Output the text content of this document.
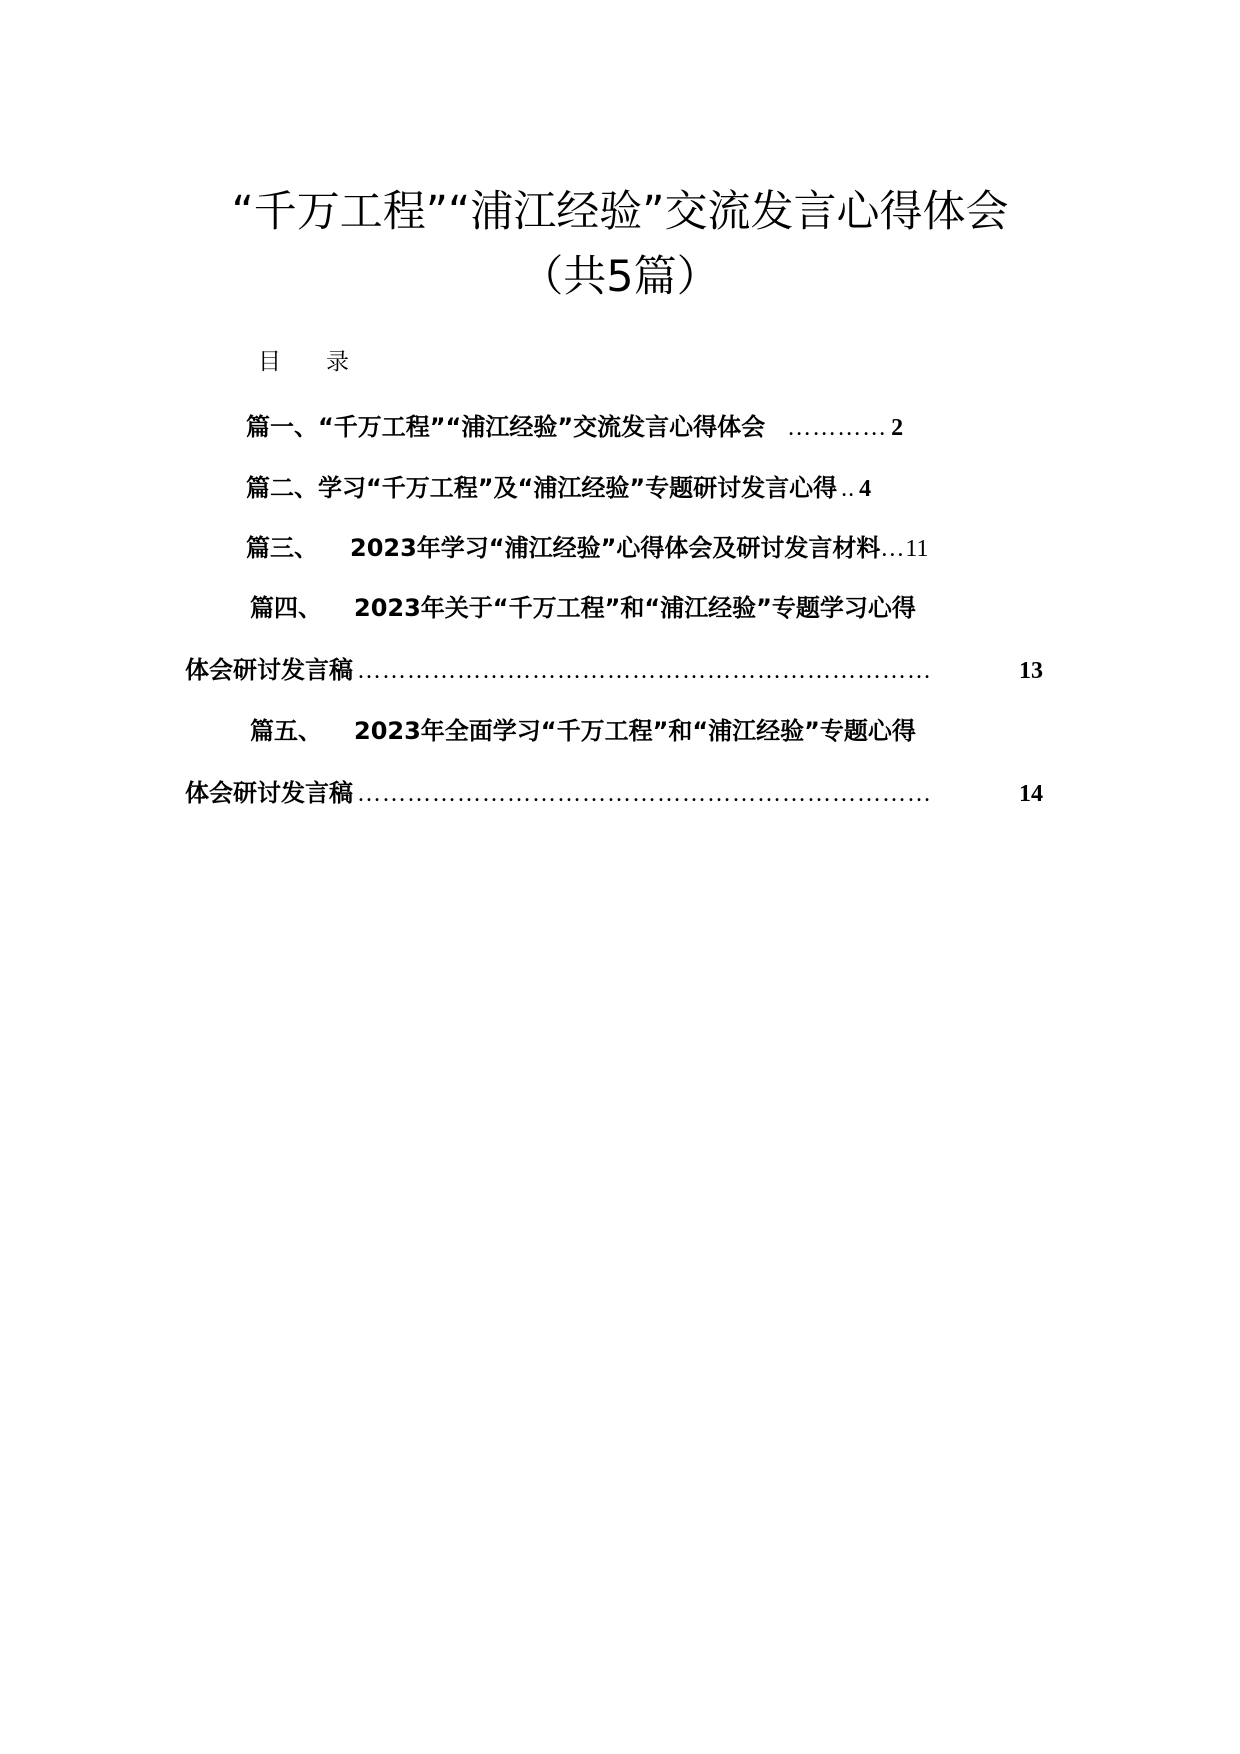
“千万工程”“浦江经验”交流发言心得体会
（共5篇）
目 录
篇一、 “千万工程”“浦江经验”交流发言心得体会 ………… 2
篇二、 学习“千万工程”及“浦江经验”专题研讨发言心得 .. 4
篇三、 2023年学习“浦江经验”心得体会及研讨发言材料 … 11
篇四、 2023年关于“千万工程”和“浦江经验”专题学习心得
体会研讨发言稿 ……………………………………………………………	13
篇五、 2023年全面学习“千万工程”和“浦江经验”专题心得
体会研讨发言稿 ……………………………………………………………	14
